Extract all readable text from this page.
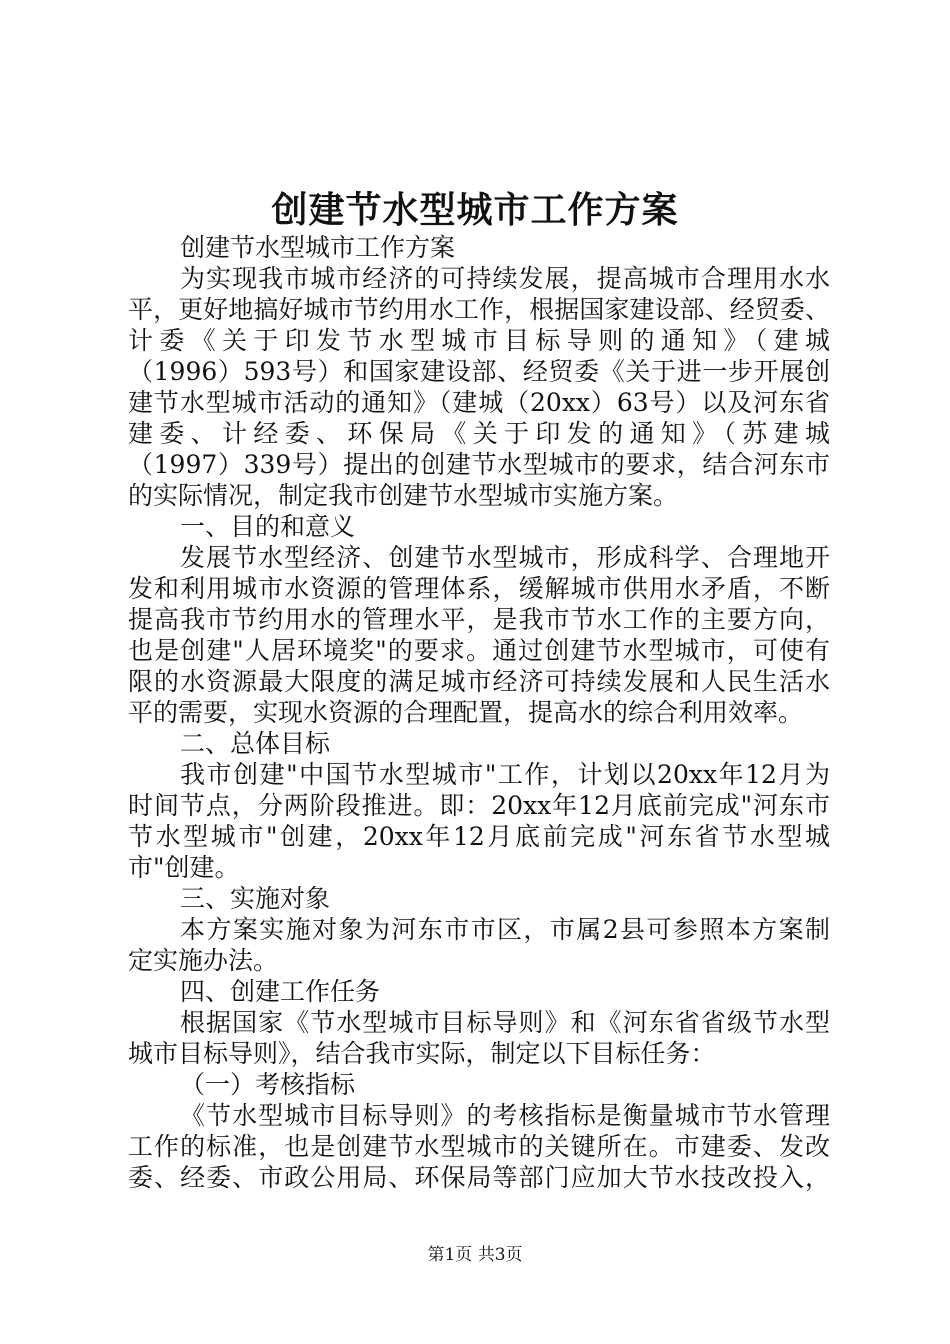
创建节水型城市工作方案
创建节水型城市工作方案
为实现我市城市经济的可持续发展，提高城市合理用水水
平，更好地搞好城市节约用水工作，根据国家建设部、经贸委、
计委《关于印发节水型城市目标导则的通知》（建城
（1996）593号）和国家建设部、经贸委《关于进一步开展创
建节水型城市活动的通知》（建城（20xx）63号）以及河东省
建委、计经委、环保局《关于印发的通知》（苏建城
（1997）339号）提出的创建节水型城市的要求，结合河东市
的实际情况，制定我市创建节水型城市实施方案。
一、目的和意义
发展节水型经济、创建节水型城市，形成科学、合理地开
发和利用城市水资源的管理体系，缓解城市供用水矛盾，不断
提高我市节约用水的管理水平，是我市节水工作的主要方向，
也是创建"人居环境奖"的要求。通过创建节水型城市，可使有
限的水资源最大限度的满足城市经济可持续发展和人民生活水
平的需要，实现水资源的合理配置，提高水的综合利用效率。
二、总体目标
我市创建"中国节水型城市"工作，计划以20xx年12月为
时间节点，分两阶段推进。即：20xx年12月底前完成"河东市
节水型城市"创建，20xx年12月底前完成"河东省节水型城
市"创建。
三、实施对象
本方案实施对象为河东市市区，市属2县可参照本方案制
定实施办法。
四、创建工作任务
根据国家《节水型城市目标导则》和《河东省省级节水型
城市目标导则》，结合我市实际，制定以下目标任务：
（一）考核指标
《节水型城市目标导则》的考核指标是衡量城市节水管理
工作的标准，也是创建节水型城市的关键所在。市建委、发改
委、经委、市政公用局、环保局等部门应加大节水技改投入，
第1页 共3页
